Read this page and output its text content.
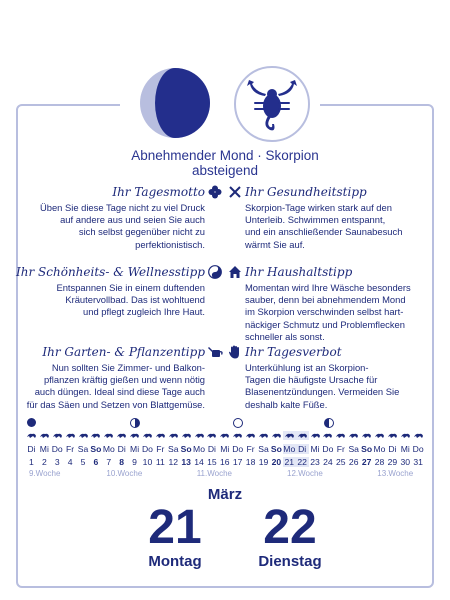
Abnehmender Mond · Skorpion
absteigend
Ihr Tagesmotto	Ihr Gesundheitstipp
Üben Sie diese Tage nicht zu viel Druck
auf andere aus und seien Sie auch
sich selbst gegenüber nicht zu
perfektionistisch.
Skorpion-Tage wirken stark auf den
Unterleib. Schwimmen entspannt,
und ein anschließender Saunabesuch
wärmt Sie auf.
Ihr Schönheits- & Wellnesstipp	Ihr Haushaltstipp
Entspannen Sie in einem duftenden
Kräutervollbad. Das ist wohltuend
und pflegt zugleich Ihre Haut.
Momentan wird Ihre Wäsche besonders
sauber, denn bei abnehmendem Mond
im Skorpion verschwinden selbst hart-
näckiger Schmutz und Problemflecken
schneller als sonst.
Ihr Garten- & Pflanzentipp	Ihr Tagesverbot
Nun sollten Sie Zimmer- und Balkon-
pflanzen kräftig gießen und wenn nötig
auch düngen. Ideal sind diese Tage auch
für das Säen und Setzen von Blattgemüse.
Unterkühlung ist an Skorpion-
Tagen die häufigste Ursache für
Blasenentzündungen. Vermeiden Sie
deshalb kalte Füße.
Di Mi Do Fr Sa So Mo Di Mi Do Fr Sa So Mo Di Mi Do Fr Sa So Mo Di Mi Do Fr Sa So Mo Di Mi Do
1 2 3 4 5 6 7 8 9 10 11 12 13 14 15 16 17 18 19 20 21 22 23 24 25 26 27 28 29 30 31
9.Woche	10.Woche	11.Woche	12.Woche	13.Woche
März
21
Montag
22
Dienstag
